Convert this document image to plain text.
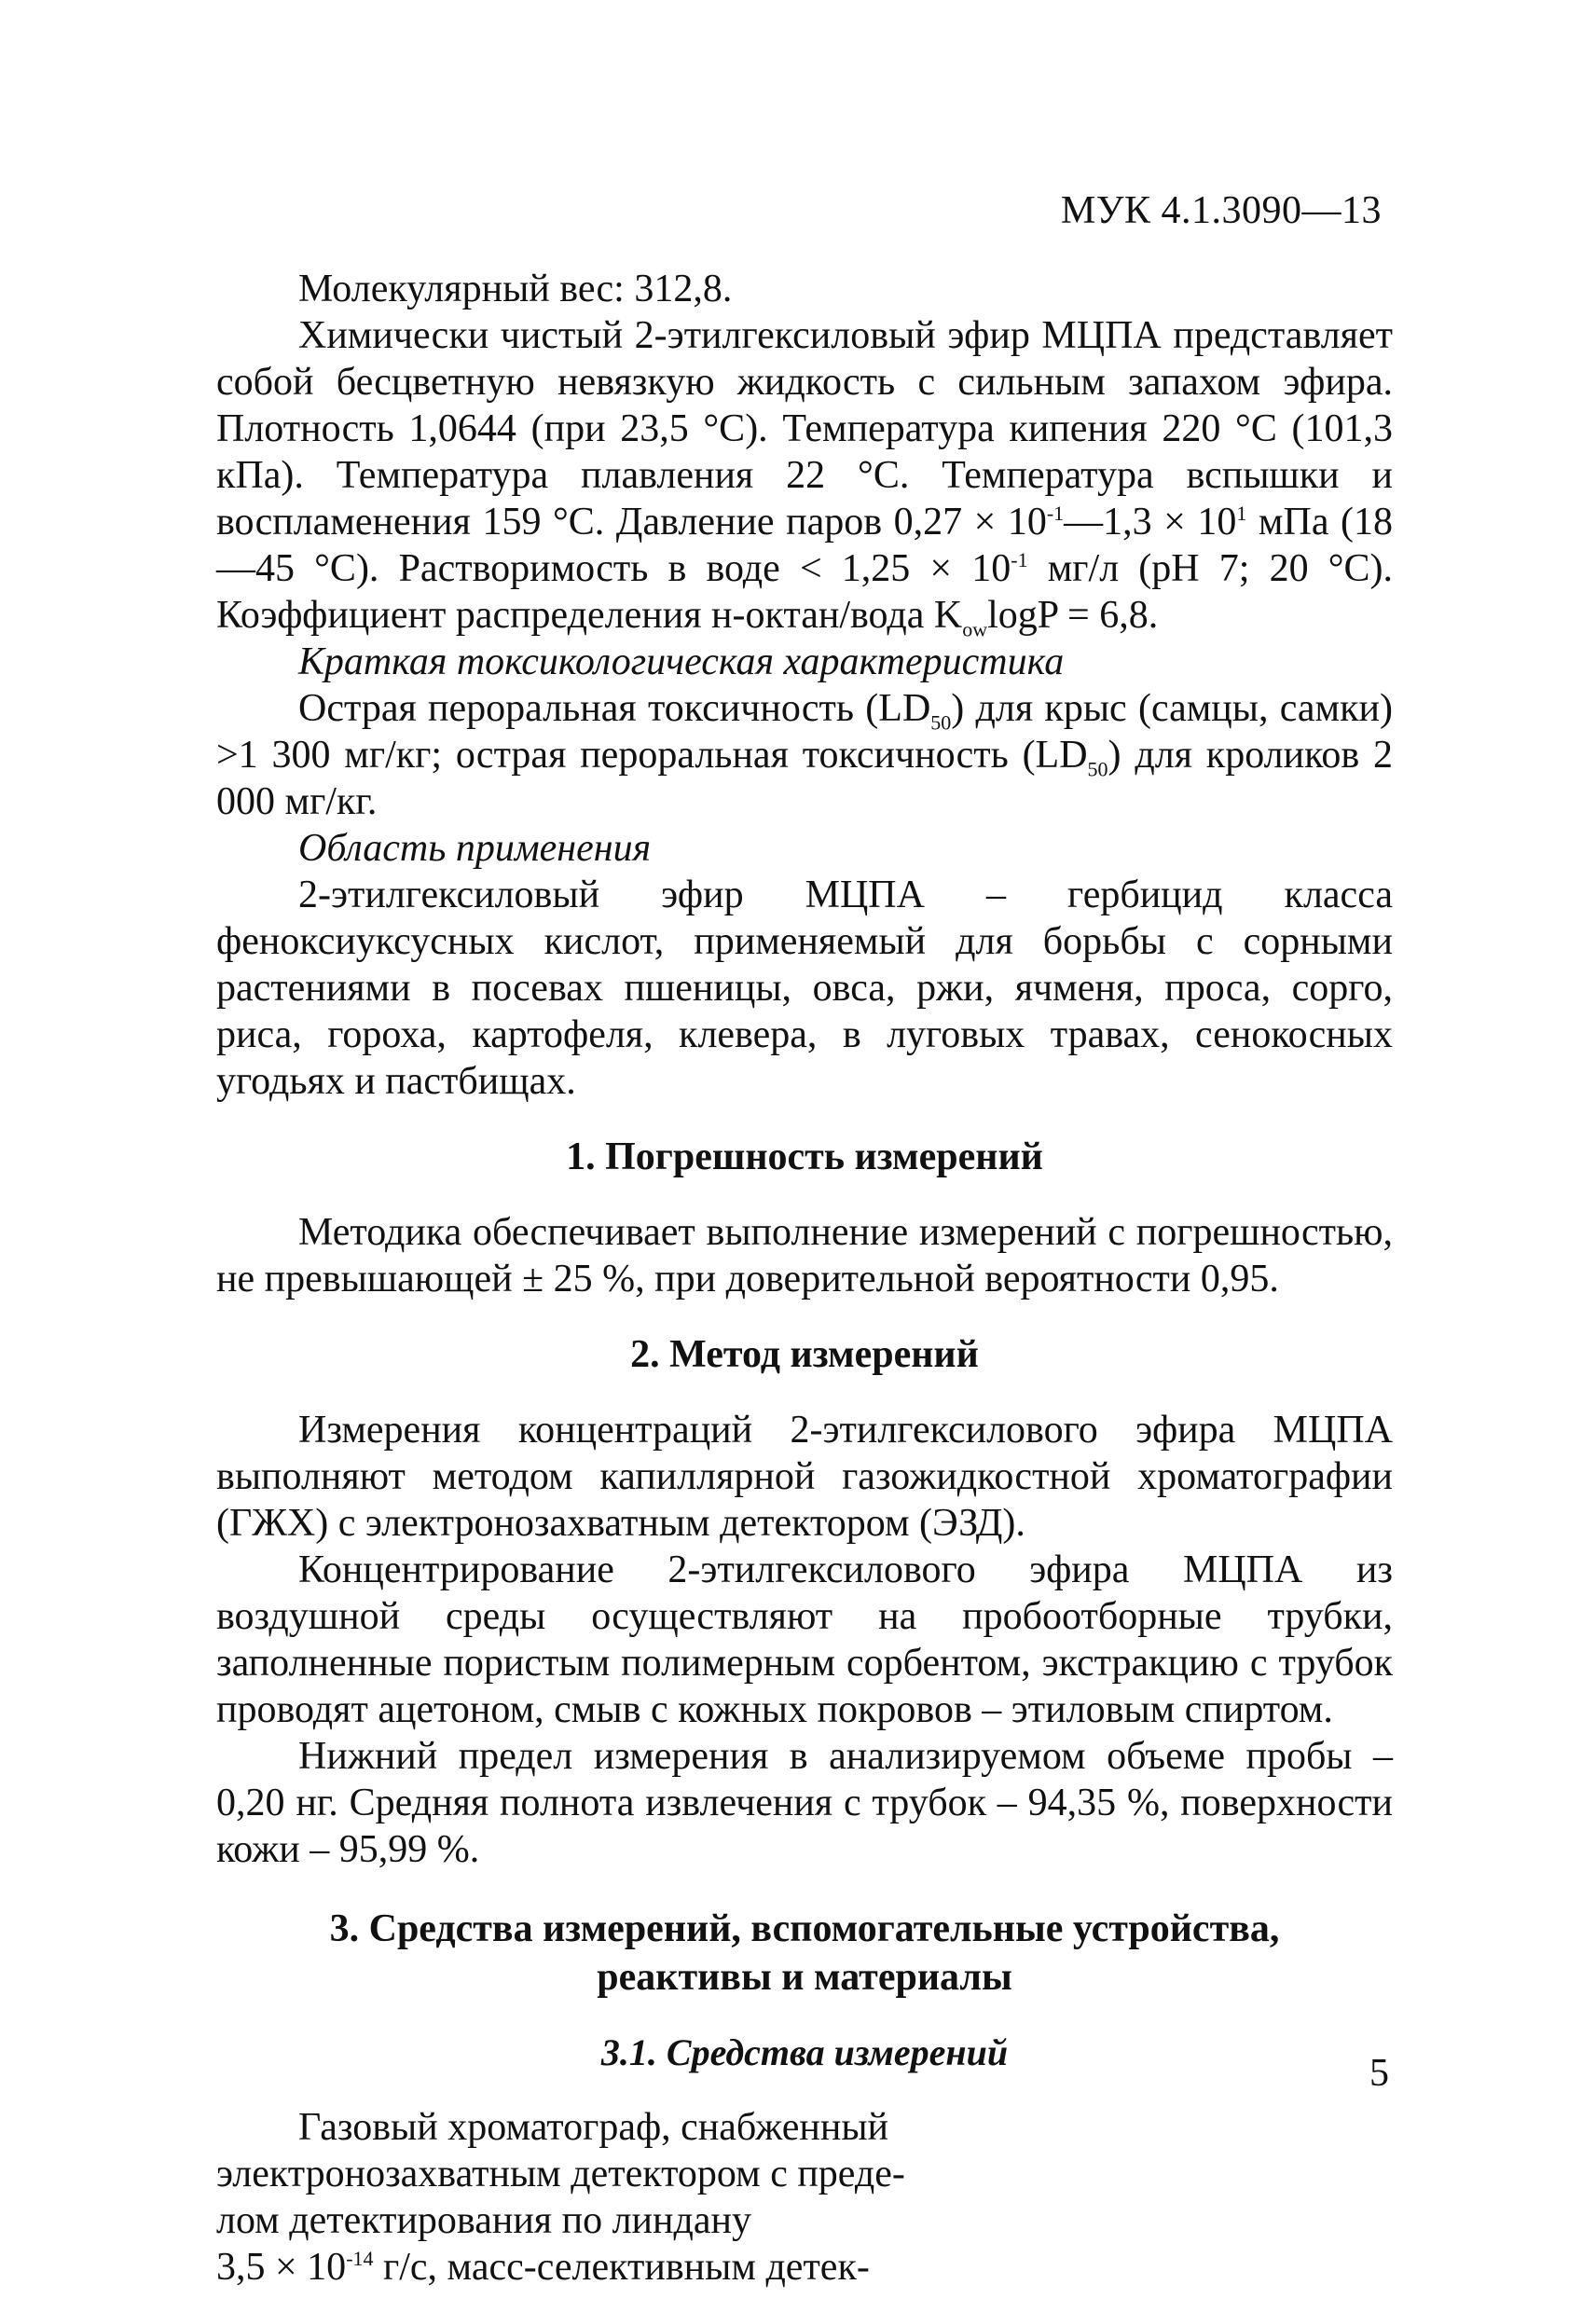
МУК 4.1.3090—13

Молекулярный вес: 312,8.

Химически чистый 2-этилгексиловый эфир МЦПА представляет собой бесцветную невязкую жидкость с сильным запахом эфира. Плотность 1,0644 (при 23,5 °С). Температура кипения 220 °С (101,3 кПа). Температура плавления 22 °С. Температура вспышки и воспламенения 159 °С. Давление паров $0,27 \times 10^{-1}—1,3 \times 10^1$ мПа (18—45 °С). Растворимость в воде < $1,25 \times 10^{-1}$ мг/л (рН 7; 20 °С). Коэффициент распределения н-октан/вода $K_{ow}\log P = 6,8$.

Краткая токсикологическая характеристика

Острая пероральная токсичность $(LD_{50})$ для крыс (самцы, самки) >1 300 мг/кг; острая пероральная токсичность $(LD_{50})$ для кроликов 2 000 мг/кг.

Область применения

2-этилгексиловый эфир МЦПА – гербицид класса феноксиуксусных кислот, применяемый для борьбы с сорными растениями в посевах пшеницы, овса, ржи, ячменя, проса, сорго, риса, гороха, картофеля, клевера, в луговых травах, сенокосных угодьях и пастбищах.

1. Погрешность измерений

Методика обеспечивает выполнение измерений с погрешностью, не превышающей ± 25 %, при доверительной вероятности 0,95.

2. Метод измерений

Измерения концентраций 2-этилгексилового эфира МЦПА выполняют методом капиллярной газожидкостной хроматографии (ГЖХ) с электронозахватным детектором (ЭЗД).

Концентрирование 2-этилгексилового эфира МЦПА из воздушной среды осуществляют на пробоотборные трубки, заполненные пористым полимерным сорбентом, экстракцию с трубок проводят ацетоном, смыв с кожных покровов – этиловым спиртом.

Нижний предел измерения в анализируемом объеме пробы – 0,20 нг. Средняя полнота извлечения с трубок – 94,35 %, поверхности кожи – 95,99 %.

3. Средства измерений, вспомогательные устройства,
реактивы и материалы

3.1. Средства измерений

Газовый хроматограф, снабженный
электронозахватным детектором с преде-
лом детектирования по линдану
$3,5 \times 10^{-14}$ г/с, масс-селективным детек-
5
